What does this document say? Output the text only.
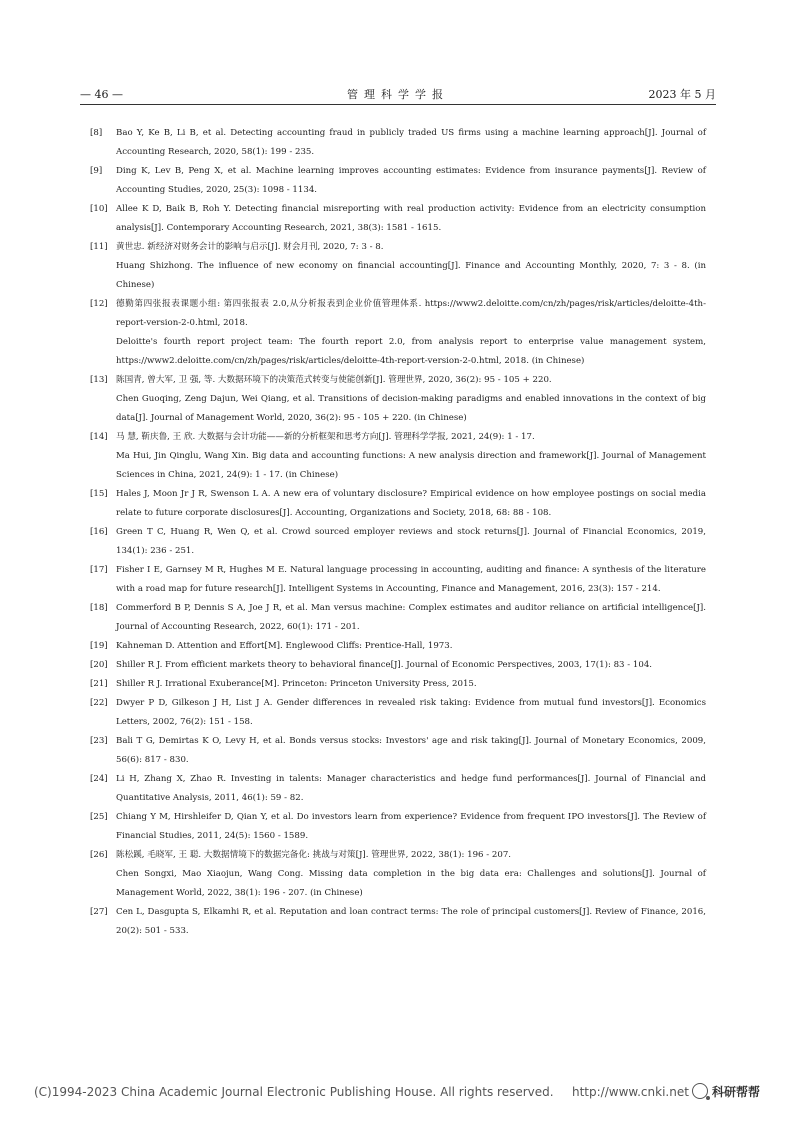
— 46 —	管理科学学报	2023 年 5 月
[8]	Bao Y, Ke B, Li B, et al. Detecting accounting fraud in publicly traded US firms using a machine learning approach[J]. Journal of Accounting Research, 2020, 58(1): 199 - 235.
[9]	Ding K, Lev B, Peng X, et al. Machine learning improves accounting estimates: Evidence from insurance payments[J]. Review of Accounting Studies, 2020, 25(3): 1098 - 1134.
[10] Allee K D, Baik B, Roh Y. Detecting financial misreporting with real production activity: Evidence from an electricity consumption analysis[J]. Contemporary Accounting Research, 2021, 38(3): 1581 - 1615.
[11] 黄世忠. 新经济对财务会计的影响与启示[J]. 财会月刊, 2020, 7: 3 - 8.
Huang Shizhong. The influence of new economy on financial accounting[J]. Finance and Accounting Monthly, 2020, 7: 3 - 8. (in Chinese)
[12] 德勤第四张报表课题小组: 第四张报表 2.0,从分析报表到企业价值管理体系. https://www2.deloitte.com/cn/zh/pages/risk/articles/deloitte-4th-report-version-2-0.html, 2018.
Deloitte's fourth report project team: The fourth report 2.0, from analysis report to enterprise value management system, https://www2.deloitte.com/cn/zh/pages/risk/articles/deloitte-4th-report-version-2-0.html, 2018. (in Chinese)
[13] 陈国青, 曾大军, 卫 强, 等. 大数据环境下的决策范式转变与使能创新[J]. 管理世界, 2020, 36(2): 95 - 105 + 220.
Chen Guoqing, Zeng Dajun, Wei Qiang, et al. Transitions of decision-making paradigms and enabled innovations in the context of big data[J]. Journal of Management World, 2020, 36(2): 95 - 105 + 220. (in Chinese)
[14] 马 慧, 靳庆鲁, 王 欣. 大数据与会计功能——新的分析框架和思考方向[J]. 管理科学学报, 2021, 24(9): 1 - 17.
Ma Hui, Jin Qinglu, Wang Xin. Big data and accounting functions: A new analysis direction and framework[J]. Journal of Management Sciences in China, 2021, 24(9): 1 - 17. (in Chinese)
[15] Hales J, Moon Jr J R, Swenson L A. A new era of voluntary disclosure? Empirical evidence on how employee postings on social media relate to future corporate disclosures[J]. Accounting, Organizations and Society, 2018, 68: 88 - 108.
[16] Green T C, Huang R, Wen Q, et al. Crowd sourced employer reviews and stock returns[J]. Journal of Financial Economics, 2019, 134(1): 236 - 251.
[17] Fisher I E, Garnsey M R, Hughes M E. Natural language processing in accounting, auditing and finance: A synthesis of the literature with a road map for future research[J]. Intelligent Systems in Accounting, Finance and Management, 2016, 23(3): 157 - 214.
[18] Commerford B P, Dennis S A, Joe J R, et al. Man versus machine: Complex estimates and auditor reliance on artificial intelligence[J]. Journal of Accounting Research, 2022, 60(1): 171 - 201.
[19] Kahneman D. Attention and Effort[M]. Englewood Cliffs: Prentice-Hall, 1973.
[20] Shiller R J. From efficient markets theory to behavioral finance[J]. Journal of Economic Perspectives, 2003, 17(1): 83 - 104.
[21] Shiller R J. Irrational Exuberance[M]. Princeton: Princeton University Press, 2015.
[22] Dwyer P D, Gilkeson J H, List J A. Gender differences in revealed risk taking: Evidence from mutual fund investors[J]. Economics Letters, 2002, 76(2): 151 - 158.
[23] Bali T G, Demirtas K O, Levy H, et al. Bonds versus stocks: Investors' age and risk taking[J]. Journal of Monetary Economics, 2009, 56(6): 817 - 830.
[24] Li H, Zhang X, Zhao R. Investing in talents: Manager characteristics and hedge fund performances[J]. Journal of Financial and Quantitative Analysis, 2011, 46(1): 59 - 82.
[25] Chiang Y M, Hirshleifer D, Qian Y, et al. Do investors learn from experience? Evidence from frequent IPO investors[J]. The Review of Financial Studies, 2011, 24(5): 1560 - 1589.
[26] 陈松蹊, 毛晓军, 王 聪. 大数据情境下的数据完备化: 挑战与对策[J]. 管理世界, 2022, 38(1): 196 - 207.
Chen Songxi, Mao Xiaojun, Wang Cong. Missing data completion in the big data era: Challenges and solutions[J]. Journal of Management World, 2022, 38(1): 196 - 207. (in Chinese)
[27] Cen L, Dasgupta S, Elkamhi R, et al. Reputation and loan contract terms: The role of principal customers[J]. Review of Finance, 2016, 20(2): 501 - 533.
(C)1994-2023 China Academic Journal Electronic Publishing House. All rights reserved. http://www.cnki.net	科研帮帮
